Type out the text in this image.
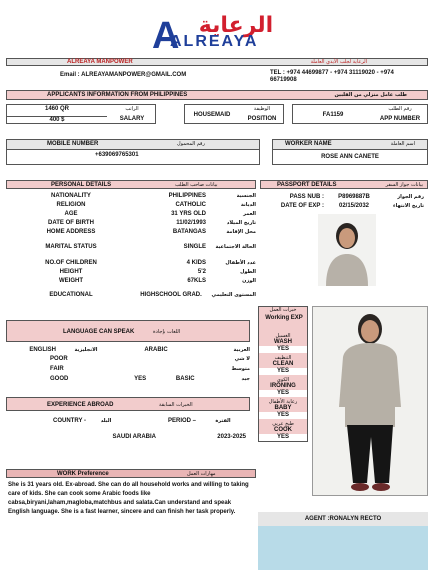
الرعاية
ALREAYA
A
ALREAYA MANPOWER	الرعاية لجلب الأيدي العاملة
Email : ALREAYAMANPOWER@GMAIL.COM	TEL : +974 44699877 - +974 31119020 - +974 66719908
APPLICANTS INFORMATION FROM PHILIPPINES	طلب عامل منزلي من الفلبين
1460 QR
400 $
الراتب
SALARY
HOUSEMAID
الوظيفة
POSITION
FA1159
رقم الطلب
APP NUMBER
MOBILE NUMBER	رقم المحمول
+639069765301
WORKER NAME	اسم العاملة
ROSE ANN CANETE
PERSONAL DETAILS	بيانات صاحب الطلب
NATIONALITY	PHILIPPINES	الجنسية
RELIGION	CATHOLIC	الديانة
AGE	31 YRS OLD	العمر
DATE OF BIRTH	11/02/1993	تاريخ الميلاد
HOME ADDRESS	BATANGAS	محل الإقامة
MARITAL STATUS	SINGLE	الحالة الاجتماعية
NO.OF CHILDREN	4 KIDS	عدد الأطفال
HEIGHT	5'2	الطول
WEIGHT	67KLS	الوزن
EDUCATIONAL	HIGHSCHOOL GRAD.	المستوى التعليمي
PASSPORT DETAILS	بيانات جواز السفر
PASS NUB :	P8969887B	رقم الجواز
DATE OF EXP :	02/15/2032	تاريخ الانتهاء
LANGUAGE CAN SPEAK	اللغات بإجادة
ENGLISH	الانجليزية	ARABIC	العربية
POOR	لا شي
FAIR	متوسط
GOOD	YES	BASIC	جيد
EXPERIENCE ABROAD	الخبرات السابقة
COUNTRY -	البلد	PERIOD –	الفترة
SAUDI ARABIA	2023-2025
WORK Preference	مهارات العمل
She is 31 years old. Ex-abroad. She can do all household works and willing to taking care of kids. She can cook some Arabic foods like cabsa,biryani,laham,magloba,matchbus and salata.Can understand and speak English language. She is a fast learner, sincere and can finish her task properly.
خبرات العمل
Working EXP
الغسيل
WASH
YES
التنظيف
CLEAN
YES
الكوي
IRONING
YES
رعاية الأطفال
BABY
YES
طبخ عربي
COOK
YES
AGENT :RONALYN RECTO
